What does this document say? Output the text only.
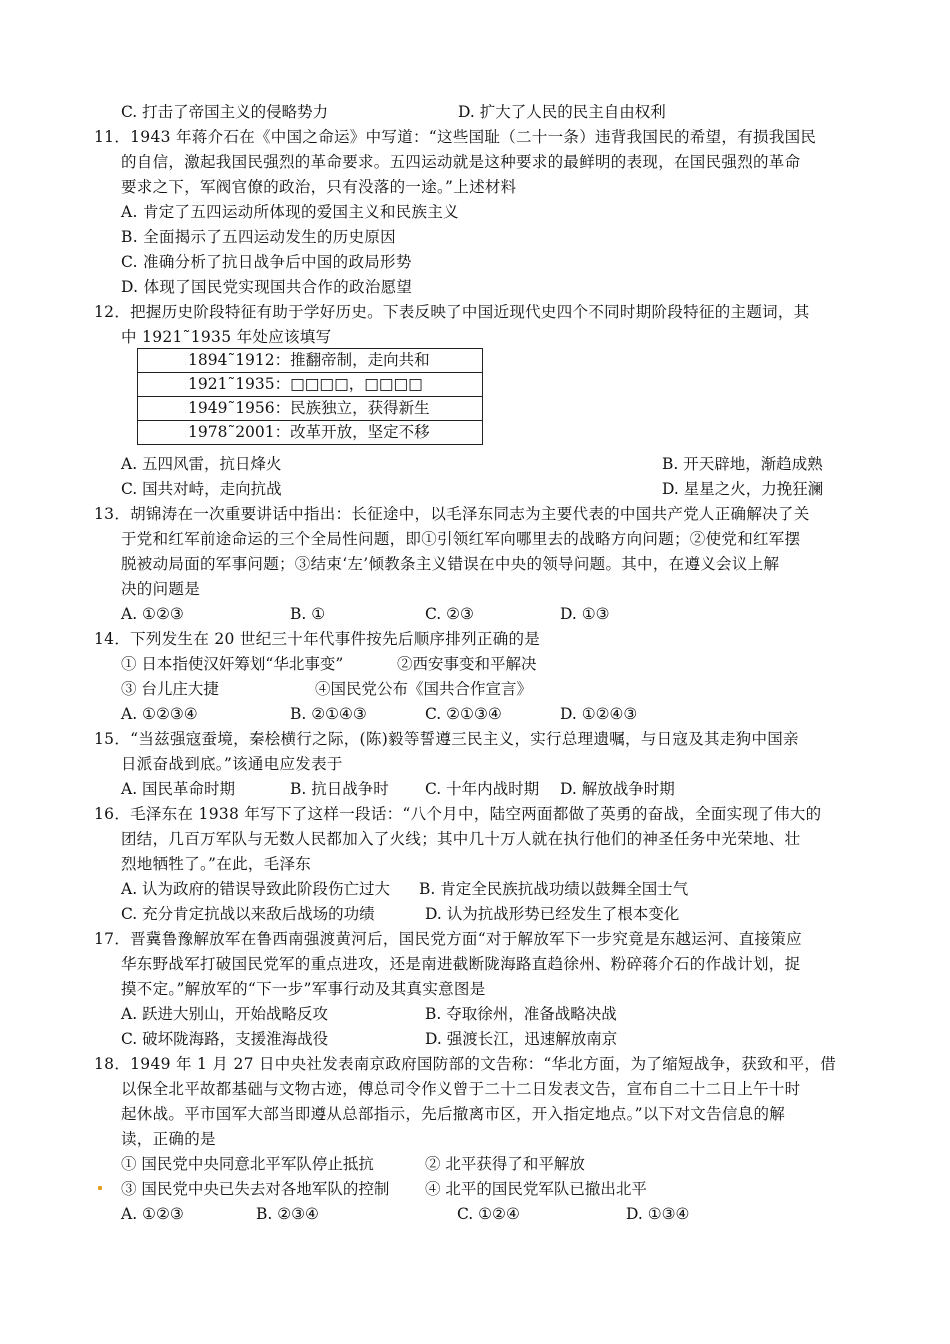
C. 打击了帝国主义的侵略势力	D. 扩大了人民的民主自由权利
11．1943 年蒋介石在《中国之命运》中写道：“这些国耻（二十一条）违背我国民的希望，有损我国民
的自信，激起我国民强烈的革命要求。五四运动就是这种要求的最鲜明的表现，在国民强烈的革命
要求之下，军阀官僚的政治，只有没落的一途。”上述材料
A. 肯定了五四运动所体现的爱国主义和民族主义
B. 全面揭示了五四运动发生的历史原因
C. 准确分析了抗日战争后中国的政局形势
D. 体现了国民党实现国共合作的政治愿望
12．把握历史阶段特征有助于学好历史。下表反映了中国近现代史四个不同时期阶段特征的主题词，其
中 1921˜1935 年处应该填写
1894˜1912：推翻帝制，走向共和
1921˜1935：□□□□，□□□□
1949˜1956：民族独立，获得新生
1978˜2001：改革开放，坚定不移
A. 五四风雷，抗日烽火	B. 开天辟地，渐趋成熟
C. 国共对峙，走向抗战	D. 星星之火，力挽狂澜
13．胡锦涛在一次重要讲话中指出：长征途中，以毛泽东同志为主要代表的中国共产党人正确解决了关
于党和红军前途命运的三个全局性问题，即①引领红军向哪里去的战略方向问题；②使党和红军摆
脱被动局面的军事问题；③结束‘左’倾教条主义错误在中央的领导问题。其中，在遵义会议上解
决的问题是
A. ①②③	B. ①	C. ②③	D. ①③
14．下列发生在 20 世纪三十年代事件按先后顺序排列正确的是
① 日本指使汉奸筹划“华北事变”	②西安事变和平解决
③ 台儿庄大捷	④国民党公布《国共合作宣言》
A. ①②③④	B. ②①④③	C. ②①③④	D. ①②④③
15．“当兹强寇蚕境，秦桧横行之际，(陈)毅等誓遵三民主义，实行总理遗嘱，与日寇及其走狗中国亲
日派奋战到底。”该通电应发表于
A. 国民革命时期	B. 抗日战争时 C. 十年内战时期 D. 解放战争时期
16．毛泽东在 1938 年写下了这样一段话：“八个月中，陆空两面都做了英勇的奋战，全面实现了伟大的
团结，几百万军队与无数人民都加入了火线；其中几十万人就在执行他们的神圣任务中光荣地、壮
烈地牺牲了。”在此，毛泽东
A. 认为政府的错误导致此阶段伤亡过大 B. 肯定全民族抗战功绩以鼓舞全国士气
C. 充分肯定抗战以来敌后战场的功绩	D. 认为抗战形势已经发生了根本变化
17．晋冀鲁豫解放军在鲁西南强渡黄河后，国民党方面“对于解放军下一步究竟是东越运河、直接策应
华东野战军打破国民党军的重点进攻，还是南进截断陇海路直趋徐州、粉碎蒋介石的作战计划，捉
摸不定。”解放军的“下一步”军事行动及其真实意图是
A. 跃进大别山，开始战略反攻	B. 夺取徐州，准备战略决战
C. 破坏陇海路，支援淮海战役	D. 强渡长江，迅速解放南京
18．1949 年 1 月 27 日中央社发表南京政府国防部的文告称：“华北方面，为了缩短战争，获致和平，借
以保全北平故都基础与文物古迹，傅总司令作义曾于二十二日发表文告，宣布自二十二日上午十时
起休战。平市国军大部当即遵从总部指示，先后撤离市区，开入指定地点。”以下对文告信息的解
读，正确的是
① 国民党中央同意北平军队停止抵抗	② 北平获得了和平解放
③ 国民党中央已失去对各地军队的控制 ④ 北平的国民党军队已撤出北平
A. ①②③	B. ②③④	C. ①②④	D. ①③④
